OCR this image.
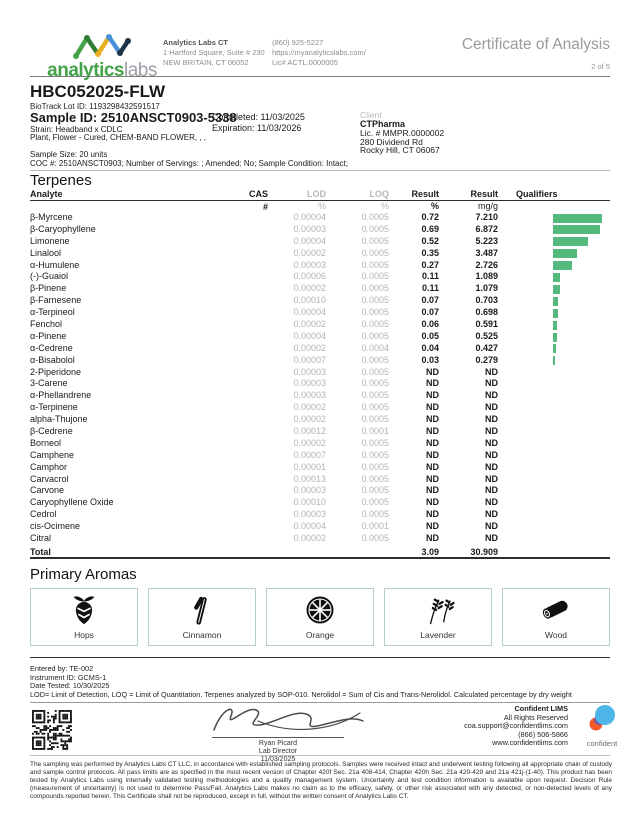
analyticslabs
Analytics Labs CT
1 Hartford Square, Suite # 230
NEW BRITAIN, CT 06052
(860) 925-5227
https://myanalyticslabs.com/
Lic# ACTL.0000005
Certificate of Analysis
2 of 5
HBC052025-FLW
BioTrack Lot ID: 1193298432591517
Sample ID: 2510ANSCT0903-5338
Completed: 11/03/2025
Expiration: 11/03/2026
Strain: Headband x CDLC
Plant, Flower - Cured, CHEM-BAND FLOWER, , ,
Client
CTPharma
Lic. # MMPR.0000002
280 Dividend Rd
Rocky Hill, CT 06067
Sample Size: 20 units
COC #: 2510ANSCT0903; Number of Servings: ; Amended: No; Sample Condition: Intact;
Terpenes
Analyte	CAS #
LOD	LOQ	Result	Result	Qualifiers
%	%	%	mg/g
β-Myrcene	0.00004	0.0005	0.72	7.210
β-Caryophyllene	0.00003	0.0005	0.69	6.872
Limonene	0.00004	0.0005	0.52	5.223
Linalool	0.00002	0.0005	0.35	3.487
α-Humulene	0.00003	0.0005	0.27	2.726
(-)-Guaiol	0.00006	0.0005	0.11	1.089
β-Pinene	0.00002	0.0005	0.11	1.079
β-Farnesene	0.00010	0.0005	0.07	0.703
α-Terpineol	0.00004	0.0005	0.07	0.698
Fenchol	0.00002	0.0005	0.06	0.591
α-Pinene	0.00004	0.0005	0.05	0.525
α-Cedrene	0.00002	0.0004	0.04	0.427
α-Bisabolol	0.00007	0.0005	0.03	0.279
2-Piperidone	0.00003	0.0005	ND	ND
3-Carene	0.00003	0.0005	ND	ND
α-Phellandrene	0.00003	0.0005	ND	ND
α-Terpinene	0.00002	0.0005	ND	ND
alpha-Thujone	0.00002	0.0005	ND	ND
β-Cedrene	0.00012	0.0001	ND	ND
Borneol	0.00002	0.0005	ND	ND
Camphene	0.00007	0.0005	ND	ND
Camphor	0.00001	0.0005	ND	ND
Carvacrol	0.00013	0.0005	ND	ND
Carvone	0.00003	0.0005	ND	ND
Caryophyllene Oxide	0.00010	0.0005	ND	ND
Cedrol	0.00003	0.0005	ND	ND
cis-Ocimene	0.00004	0.0001	ND	ND
Citral	0.00002	0.0005	ND	ND
Total	3.09	30.909
Primary Aromas
Hops	Cinnamon	Orange	Lavender	Wood
Entered by: TE-002
Instrument ID: GCMS-1
Date Tested: 10/30/2025
LOD= Limit of Detection, LOQ = Limit of Quantitation. Terpenes analyzed by SOP-010. Nerolidol = Sum of Cis and Trans-Nerolidol. Calculated percentage by dry weight
Ryan Picard
Lab Director
11/03/2025
Confident LIMS
All Rights Reserved
coa.support@confidentlims.com
(866) 506-5866
www.confidentlims.com	confident

The sampling was performed by Analytics Labs CT LLC, in accordance with established sampling protocols. Samples were received intact and underwent testing following all appropriate chain of custody and sample control protocols. All pass limits are as specified in the most recent version of Chapter 420f Sec. 21a 408-414, Chapter 420h Sec. 21a 420-429 and 21a 421j-(1-40). This product has been tested by Analytics Labs using internally validated testing methodologies and a quality management system. Uncertainty and test condition information is available upon request. Decision Rule (measurement of uncertainty) is not used to determine Pass/Fail. Analytics Labs makes no claim as to the efficacy, safety, or other risk associated with any detected, or non-detected levels of any compounds reported herein. This Certificate shall not be reproduced, except in full, without the written consent of Analytics Labs CT.
